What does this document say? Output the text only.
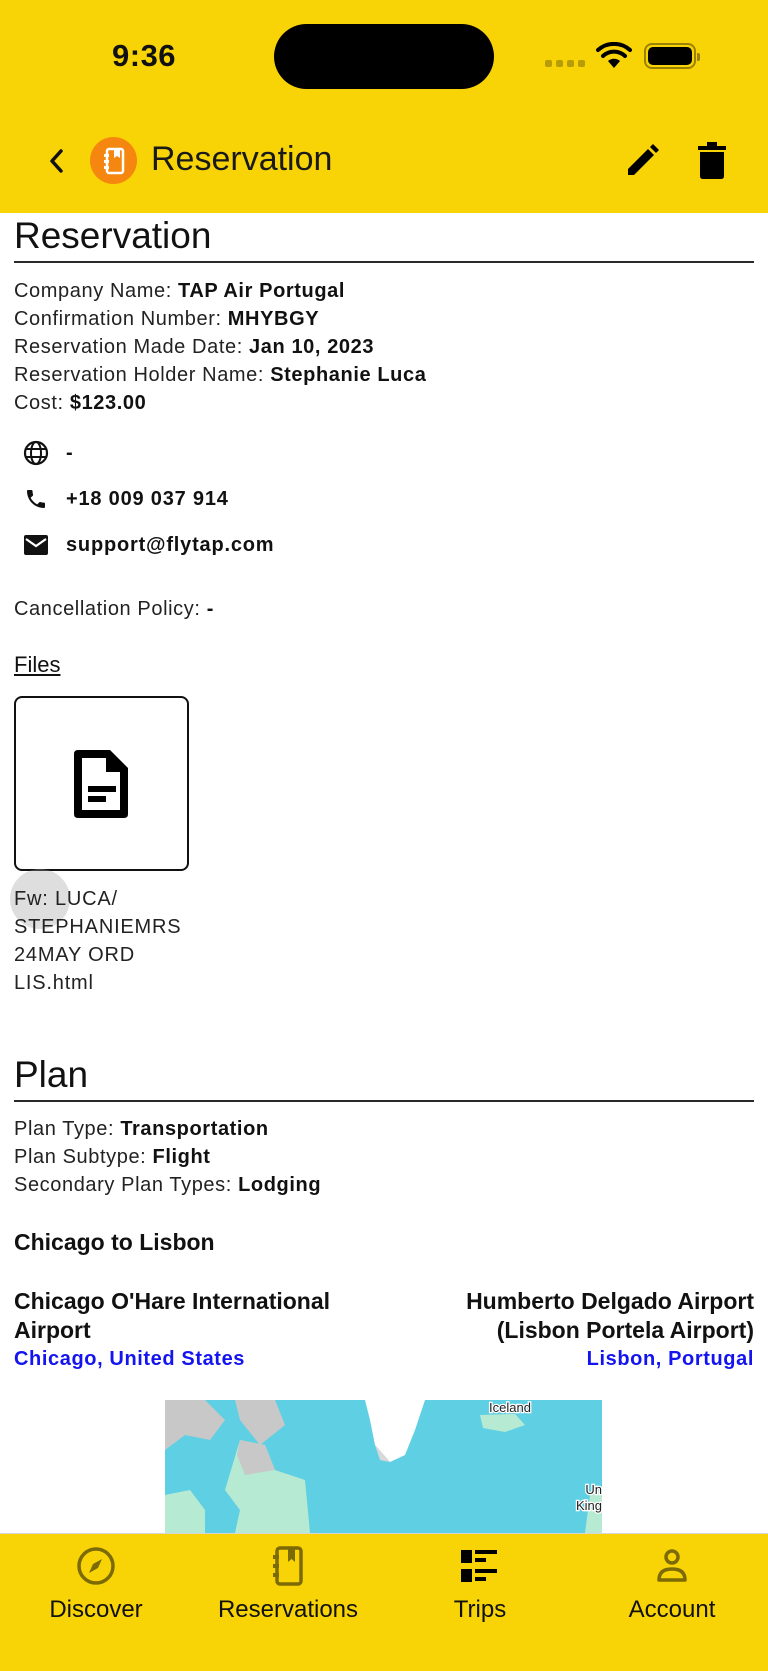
9:36
Reservation
Reservation
Company Name: TAP Air Portugal
Confirmation Number: MHYBGY
Reservation Made Date: Jan 10, 2023
Reservation Holder Name: Stephanie Luca
Cost: $123.00
-
+18 009 037 914
support@flytap.com
Cancellation Policy: -
Files
Fw: LUCA/ STEPHANIEMRS 24MAY ORD LIS.html
Plan
Plan Type: Transportation
Plan Subtype: Flight
Secondary Plan Types: Lodging
Chicago to Lisbon
Chicago O'Hare International Airport
Chicago, United States
Humberto Delgado Airport (Lisbon Portela Airport)
Lisbon, Portugal
Iceland
Un
King
Discover	Reservations	Trips	Account
